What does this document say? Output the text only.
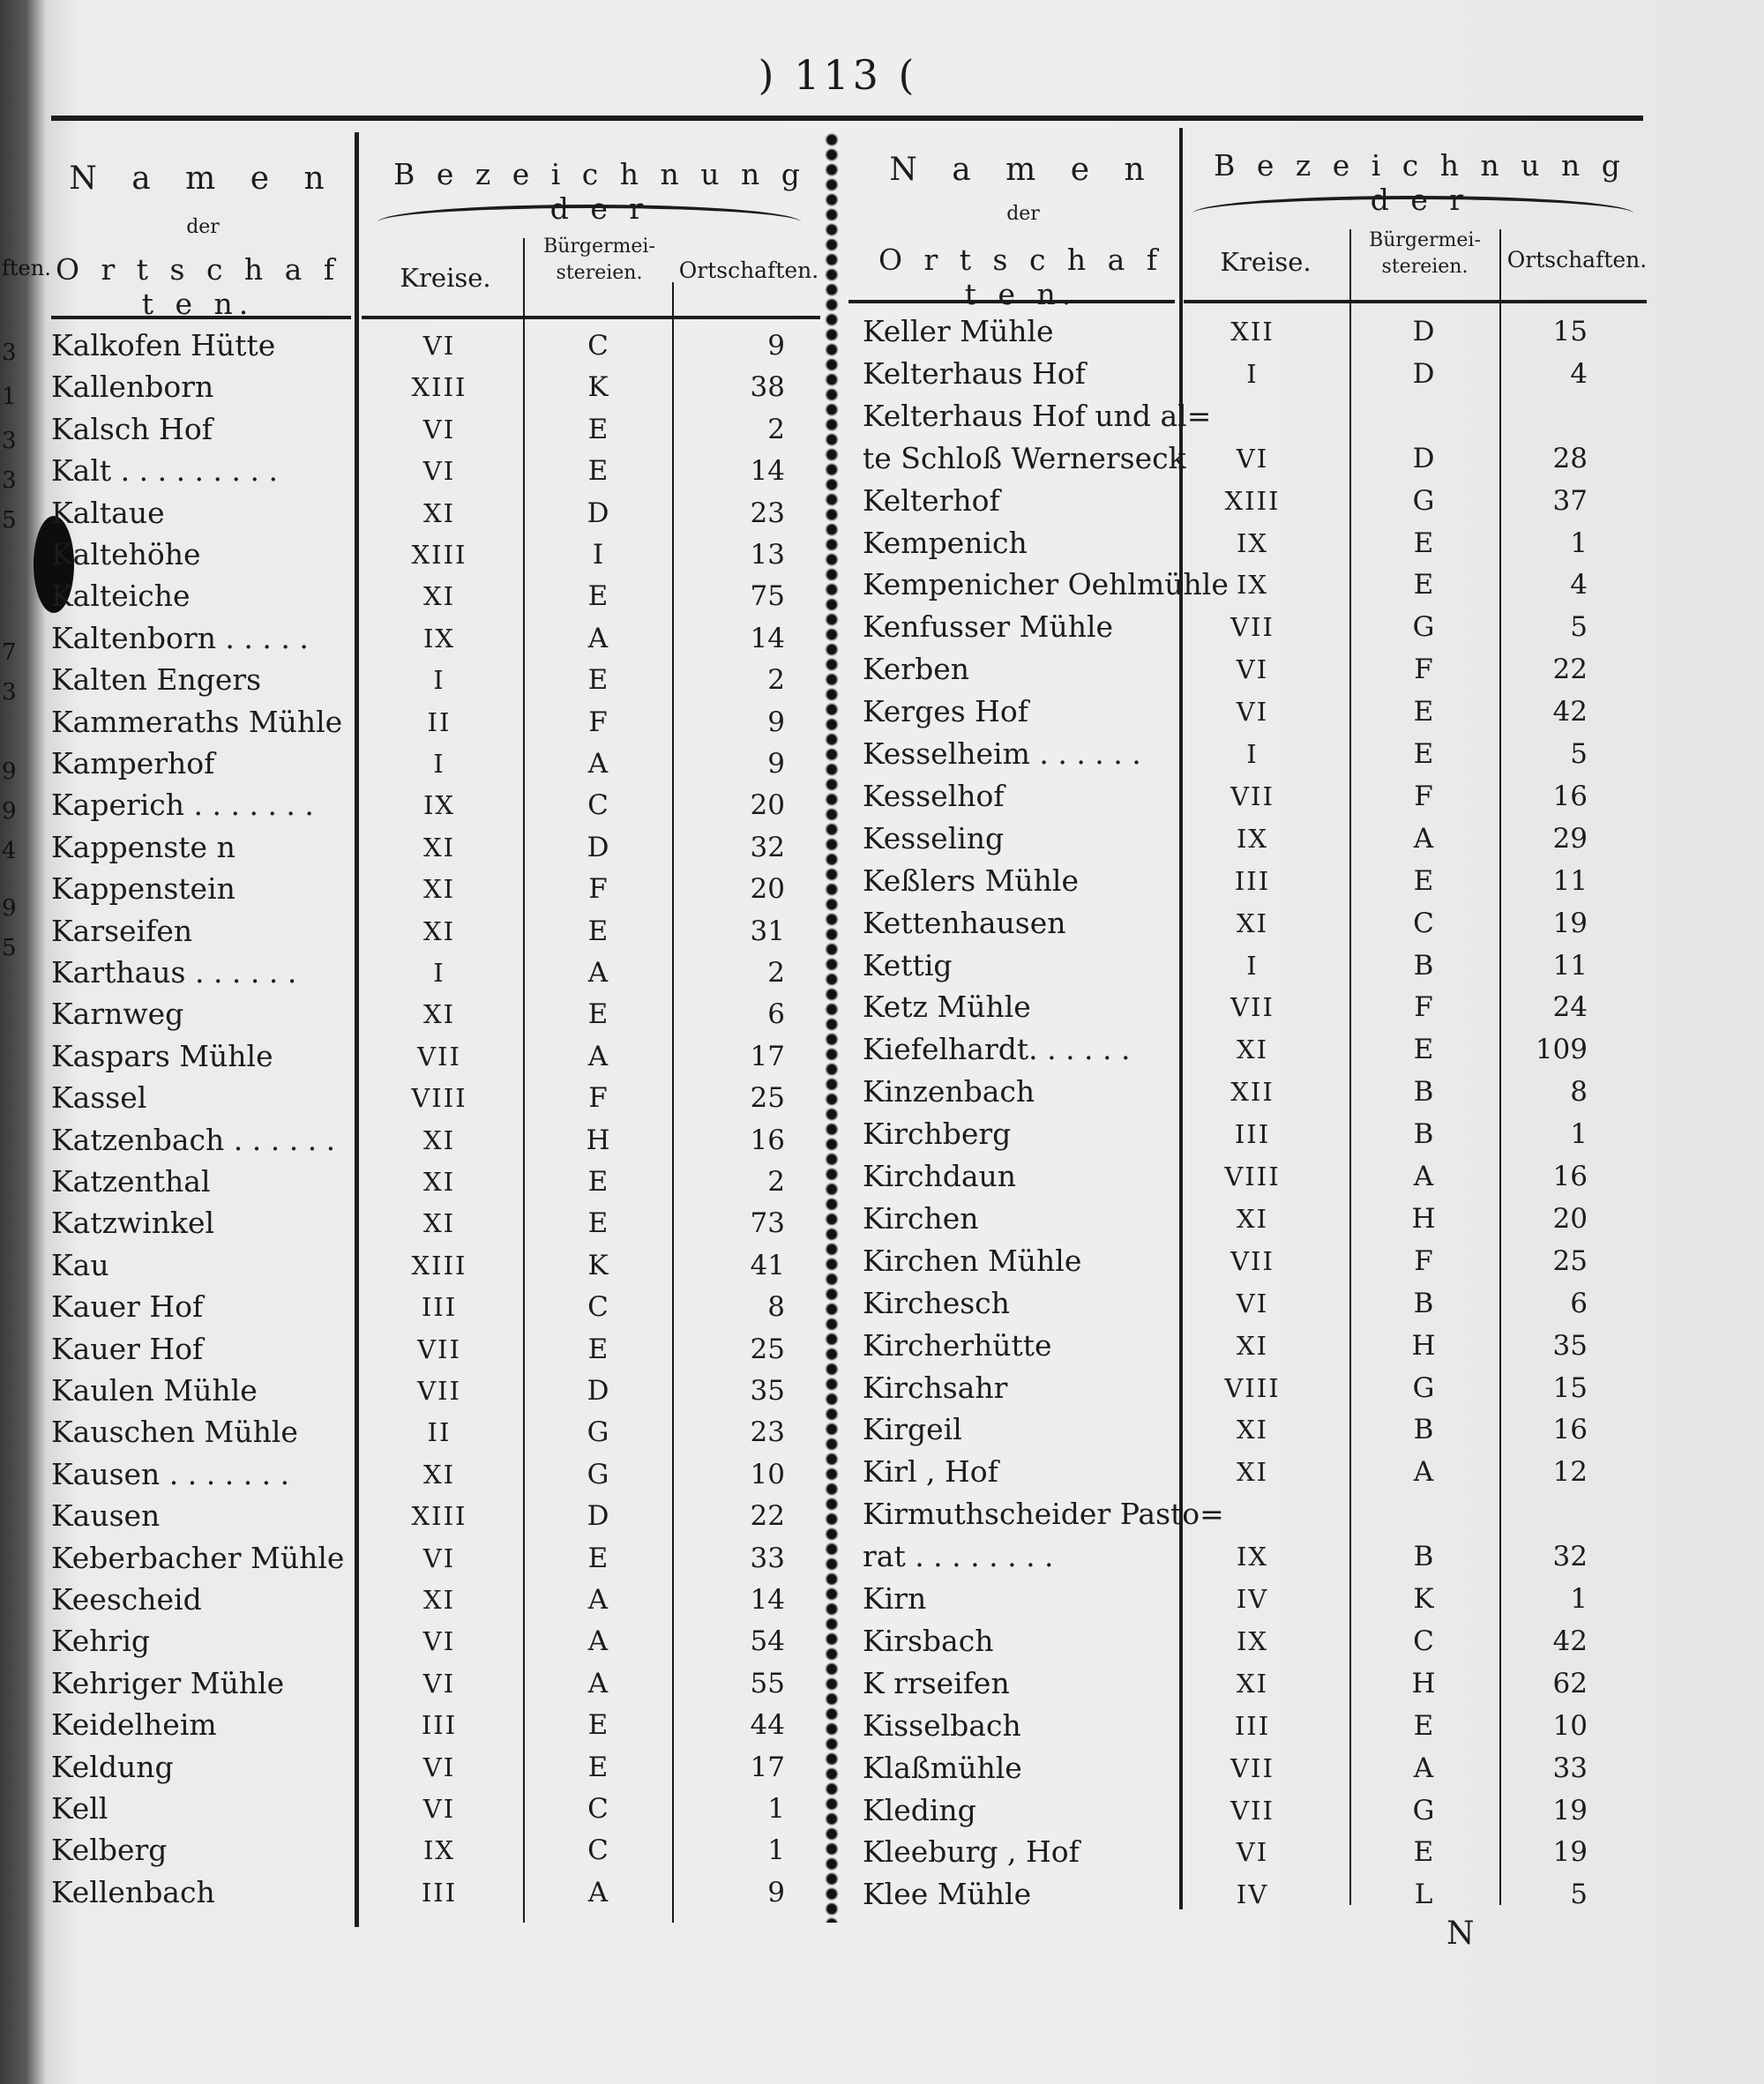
ften.
3
1
3
3
5
7
3
9
9
4
9
5
) 113 (
N a m e n
der
O r t s c h a f t e n.
B e z e i c h n u n g d e r
Kreise.
Bürgermei-
stereien.	Ortschaften.
N a m e n
der
O r t s c h a f t e n.
B e z e i c h n u n g d e r
Kreise.
Bürgermei-
stereien.	Ortschaften.
Kalkofen Hütte	VI	C	9
Kallenborn	XIII	K	38
Kalsch Hof	VI	E	2
Kalt . . . . . . . . .	VI	E	14
Kaltaue	XI	D	23
Kaltehöhe	XIII	I	13
Kalteiche	XI	E	75
Kaltenborn . . . . .	IX	A	14
Kalten Engers	I	E	2
Kammeraths Mühle	II	F	9
Kamperhof	I	A	9
Kaperich . . . . . . .	IX	C	20
Kappenste n	XI	D	32
Kappenstein	XI	F	20
Karseifen	XI	E	31
Karthaus . . . . . .	I	A	2
Karnweg	XI	E	6
Kaspars Mühle	VII	A	17
Kassel	VIII	F	25
Katzenbach . . . . . .	XI	H	16
Katzenthal	XI	E	2
Katzwinkel	XI	E	73
Kau	XIII	K	41
Kauer Hof	III	C	8
Kauer Hof	VII	E	25
Kaulen Mühle	VII	D	35
Kauschen Mühle	II	G	23
Kausen . . . . . . .	XI	G	10
Kausen	XIII	D	22
Keberbacher Mühle	VI	E	33
Keescheid	XI	A	14
Kehrig	VI	A	54
Kehriger Mühle	VI	A	55
Keidelheim	III	E	44
Keldung	VI	E	17
Kell	VI	C	1
Kelberg	IX	C	1
Kellenbach	III	A	9
Keller Mühle	XII	D	15
Kelterhaus Hof	I	D	4
Kelterhaus Hof und al=
te Schloß Wernerseck	VI	D	28
Kelterhof	XIII	G	37
Kempenich	IX	E	1
Kempenicher Oehlmühle IX	E	4
Kenfusser Mühle	VII	G	5
Kerben	VI	F	22
Kerges Hof	VI	E	42
Kesselheim . . . . . .	I	E	5
Kesselhof	VII	F	16
Kesseling	IX	A	29
Keßlers Mühle	III	E	11
Kettenhausen	XI	C	19
Kettig	I	B	11
Ketz Mühle	VII	F	24
Kiefelhardt. . . . . .	XI	E	109
Kinzenbach	XII	B	8
Kirchberg	III	B	1
Kirchdaun	VIII	A	16
Kirchen	XI	H	20
Kirchen Mühle	VII	F	25
Kirchesch	VI	B	6
Kircherhütte	XI	H	35
Kirchsahr	VIII	G	15
Kirgeil	XI	B	16
Kirl , Hof	XI	A	12
Kirmuthscheider Pasto=
rat . . . . . . . .	IX	B	32
Kirn	IV	K	1
Kirsbach	IX	C	42
K rrseifen	XI	H	62
Kisselbach	III	E	10
Klaßmühle	VII	A	33
Kleding	VII	G	19
Kleeburg , Hof	VI	E	19
Klee Mühle	IV	L	5
N
